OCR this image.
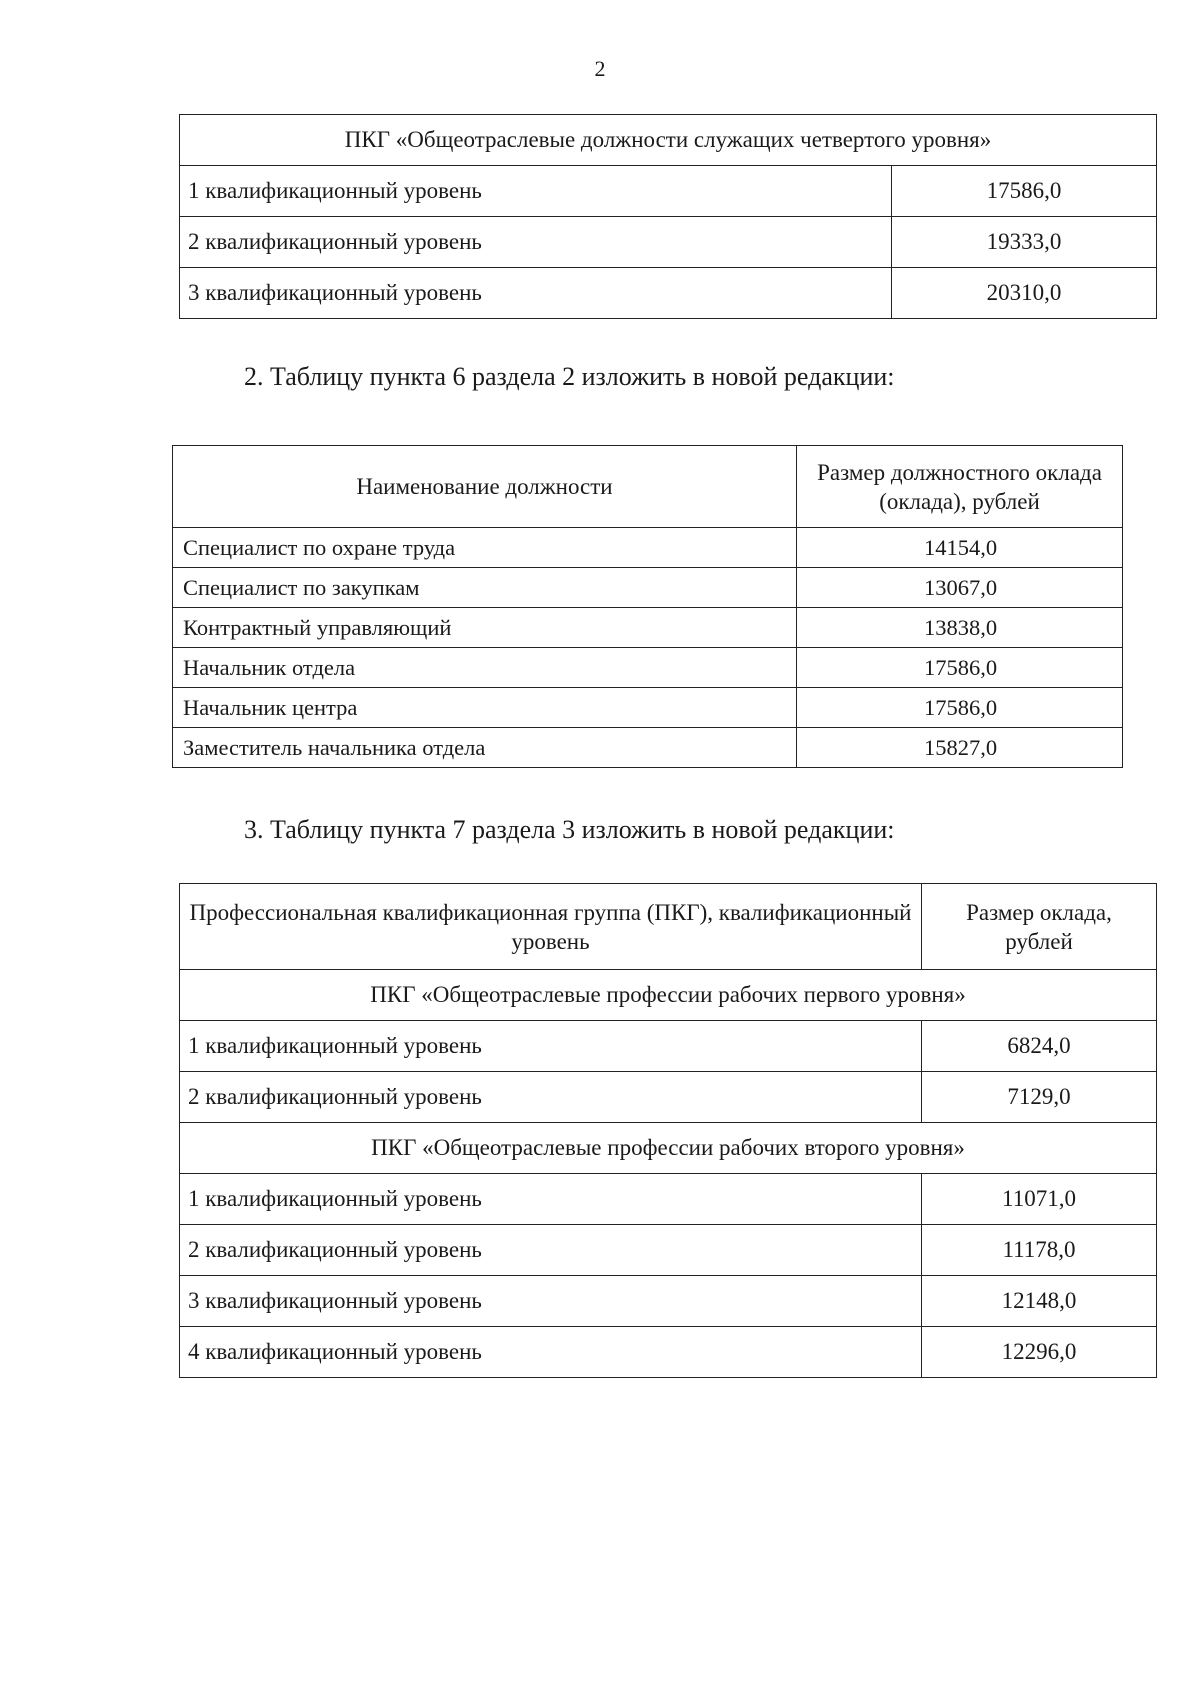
2
ПКГ «Общеотраслевые должности служащих четвертого уровня»	
1 квалификационный уровень	17586,0
2 квалификационный уровень	19333,0
3 квалификационный уровень	20310,0
2. Таблицу пункта 6 раздела 2 изложить в новой редакции:
Наименование должности	Размер должностного оклада (оклада), рублей
Специалист по охране труда	14154,0
Специалист по закупкам	13067,0
Контрактный управляющий	13838,0
Начальник отдела	17586,0
Начальник центра	17586,0
Заместитель начальника отдела	15827,0
3. Таблицу пункта 7 раздела 3 изложить в новой редакции:
Профессиональная квалификационная группа (ПКГ), квалификационный уровень	Размер оклада, рублей
ПКГ «Общеотраслевые профессии рабочих первого уровня»	
1 квалификационный уровень	6824,0
2 квалификационный уровень	7129,0
ПКГ «Общеотраслевые профессии рабочих второго уровня»	
1 квалификационный уровень	11071,0
2 квалификационный уровень	11178,0
3 квалификационный уровень	12148,0
4 квалификационный уровень	12296,0
